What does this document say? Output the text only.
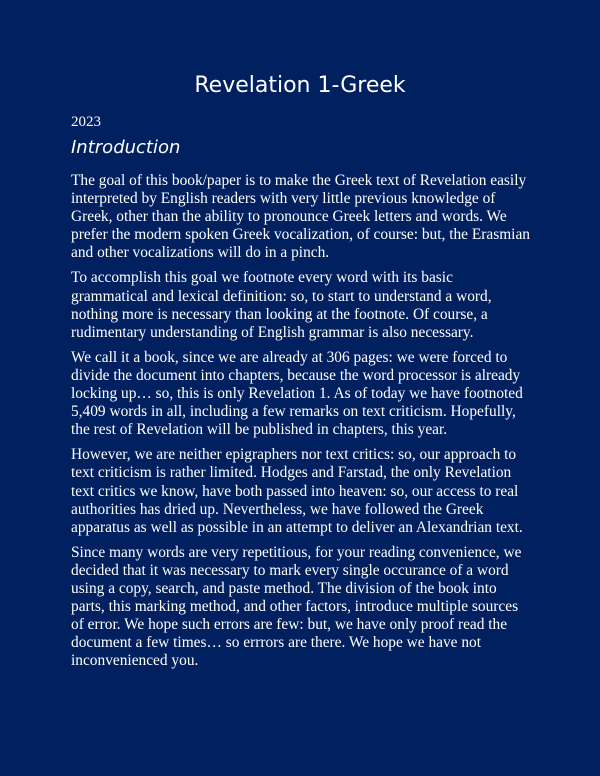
Revelation 1-Greek
2023
Introduction

The goal of this book/paper is to make the Greek text of Revelation easily interpreted by English readers with very little previous knowledge of Greek, other than the ability to pronounce Greek letters and words. We prefer the modern spoken Greek vocalization, of course: but, the Erasmian and other vocalizations will do in a pinch.

To accomplish this goal we footnote every word with its basic grammatical and lexical definition: so, to start to understand a word, nothing more is necessary than looking at the footnote. Of course, a rudimentary understanding of English grammar is also necessary.

We call it a book, since we are already at 306 pages: we were forced to divide the document into chapters, because the word processor is already locking up… so, this is only Revelation 1. As of today we have footnoted 5,409 words in all, including a few remarks on text criticism. Hopefully, the rest of Revelation will be published in chapters, this year.

However, we are neither epigraphers nor text critics: so, our approach to text criticism is rather limited. Hodges and Farstad, the only Revelation text critics we know, have both passed into heaven: so, our access to real authorities has dried up. Nevertheless, we have followed the Greek apparatus as well as possible in an attempt to deliver an Alexandrian text.

Since many words are very repetitious, for your reading convenience, we decided that it was necessary to mark every single occurance of a word using a copy, search, and paste method. The division of the book into parts, this marking method, and other factors, introduce multiple sources of error. We hope such errors are few: but, we have only proof read the document a few times… so errrors are there. We hope we have not inconvenienced you.
